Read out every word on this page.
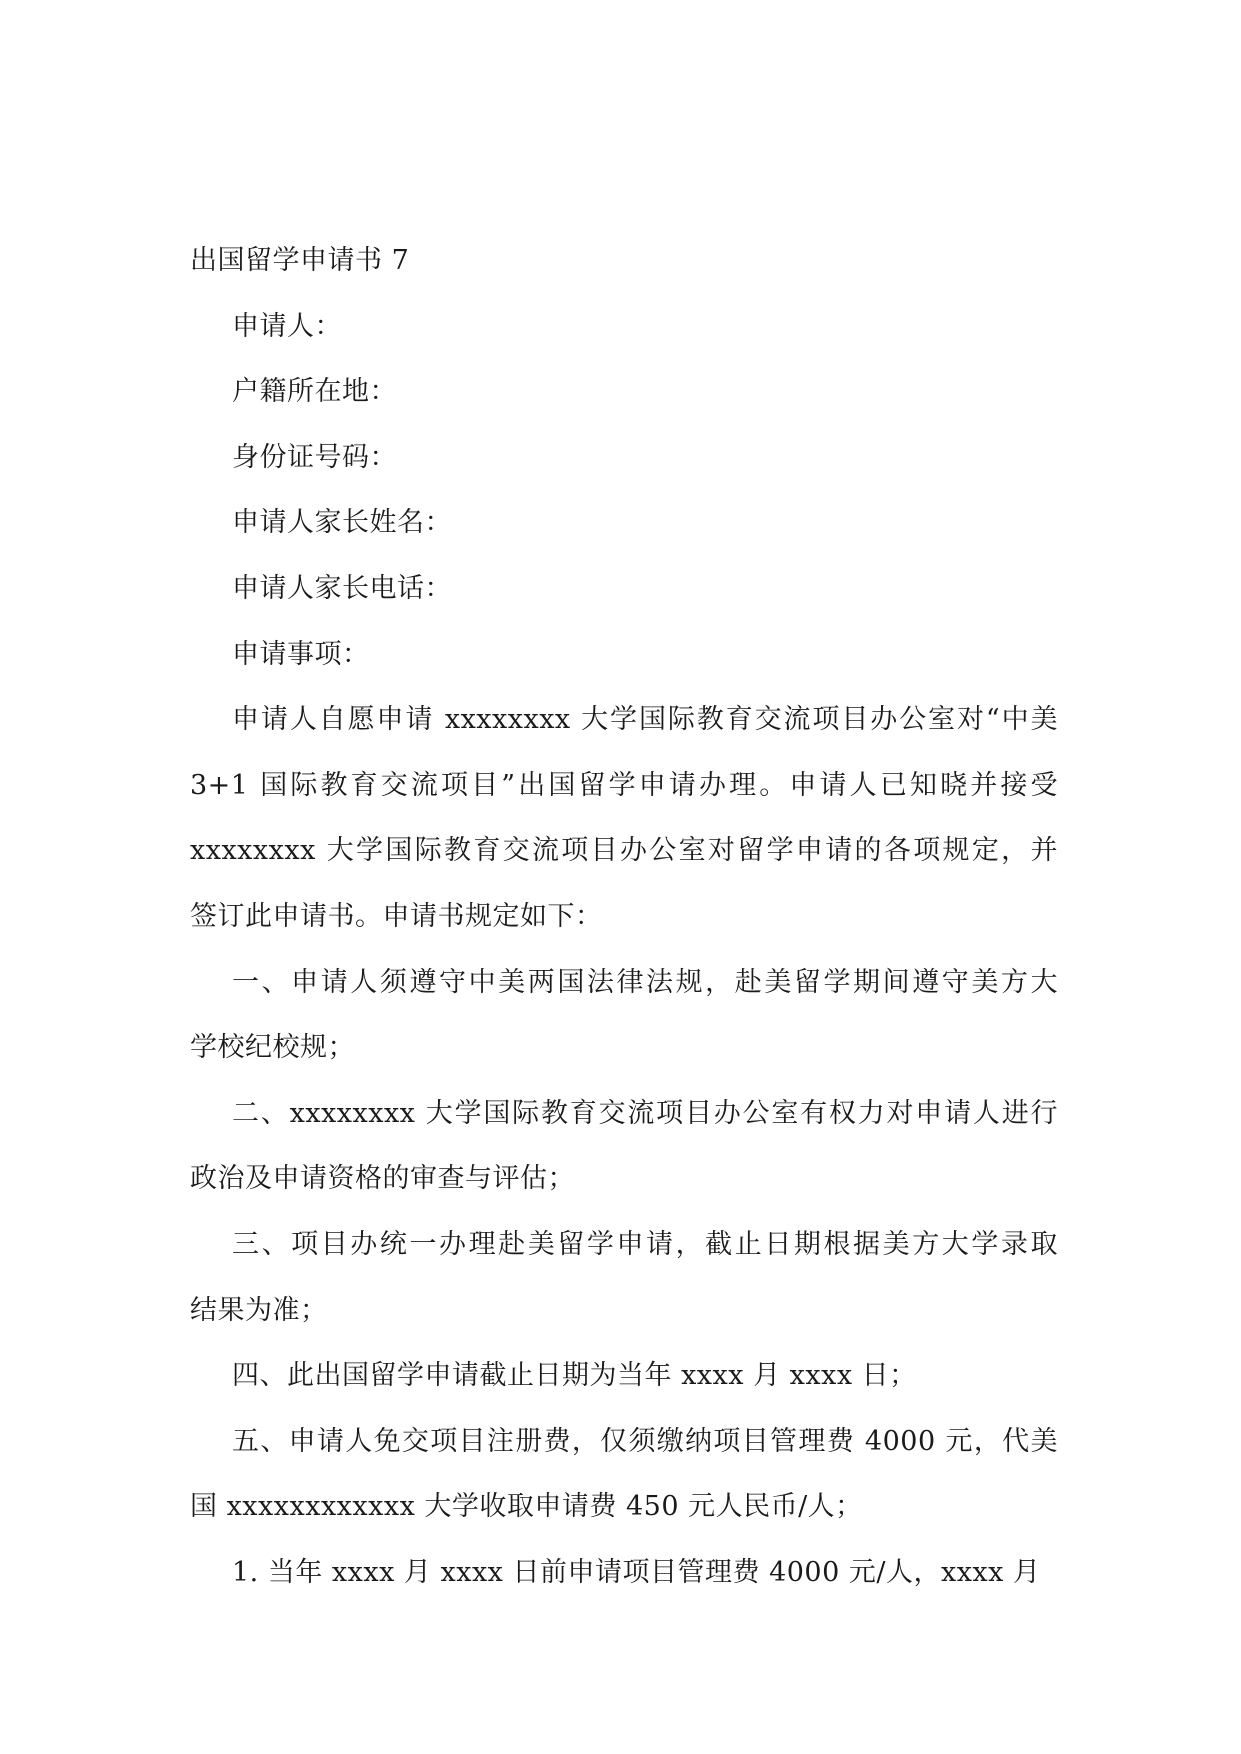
出国留学申请书 7
申请人：
户籍所在地：
身份证号码：
申请人家长姓名：
申请人家长电话：
申请事项：
申请人自愿申请 xxxxxxxx 大学国际教育交流项目办公室对“中美
3+1 国际教育交流项目”出国留学申请办理。申请人已知晓并接受
xxxxxxxx 大学国际教育交流项目办公室对留学申请的各项规定，并
签订此申请书。申请书规定如下：
一、申请人须遵守中美两国法律法规，赴美留学期间遵守美方大
学校纪校规；
二、xxxxxxxx 大学国际教育交流项目办公室有权力对申请人进行
政治及申请资格的审查与评估；
三、项目办统一办理赴美留学申请，截止日期根据美方大学录取
结果为准；
四、此出国留学申请截止日期为当年 xxxx 月 xxxx 日；
五、申请人免交项目注册费，仅须缴纳项目管理费 4000 元，代美
国 xxxxxxxxxxxx 大学收取申请费 450 元人民币/人；
1. 当年 xxxx 月 xxxx 日前申请项目管理费 4000 元/人，xxxx 月
